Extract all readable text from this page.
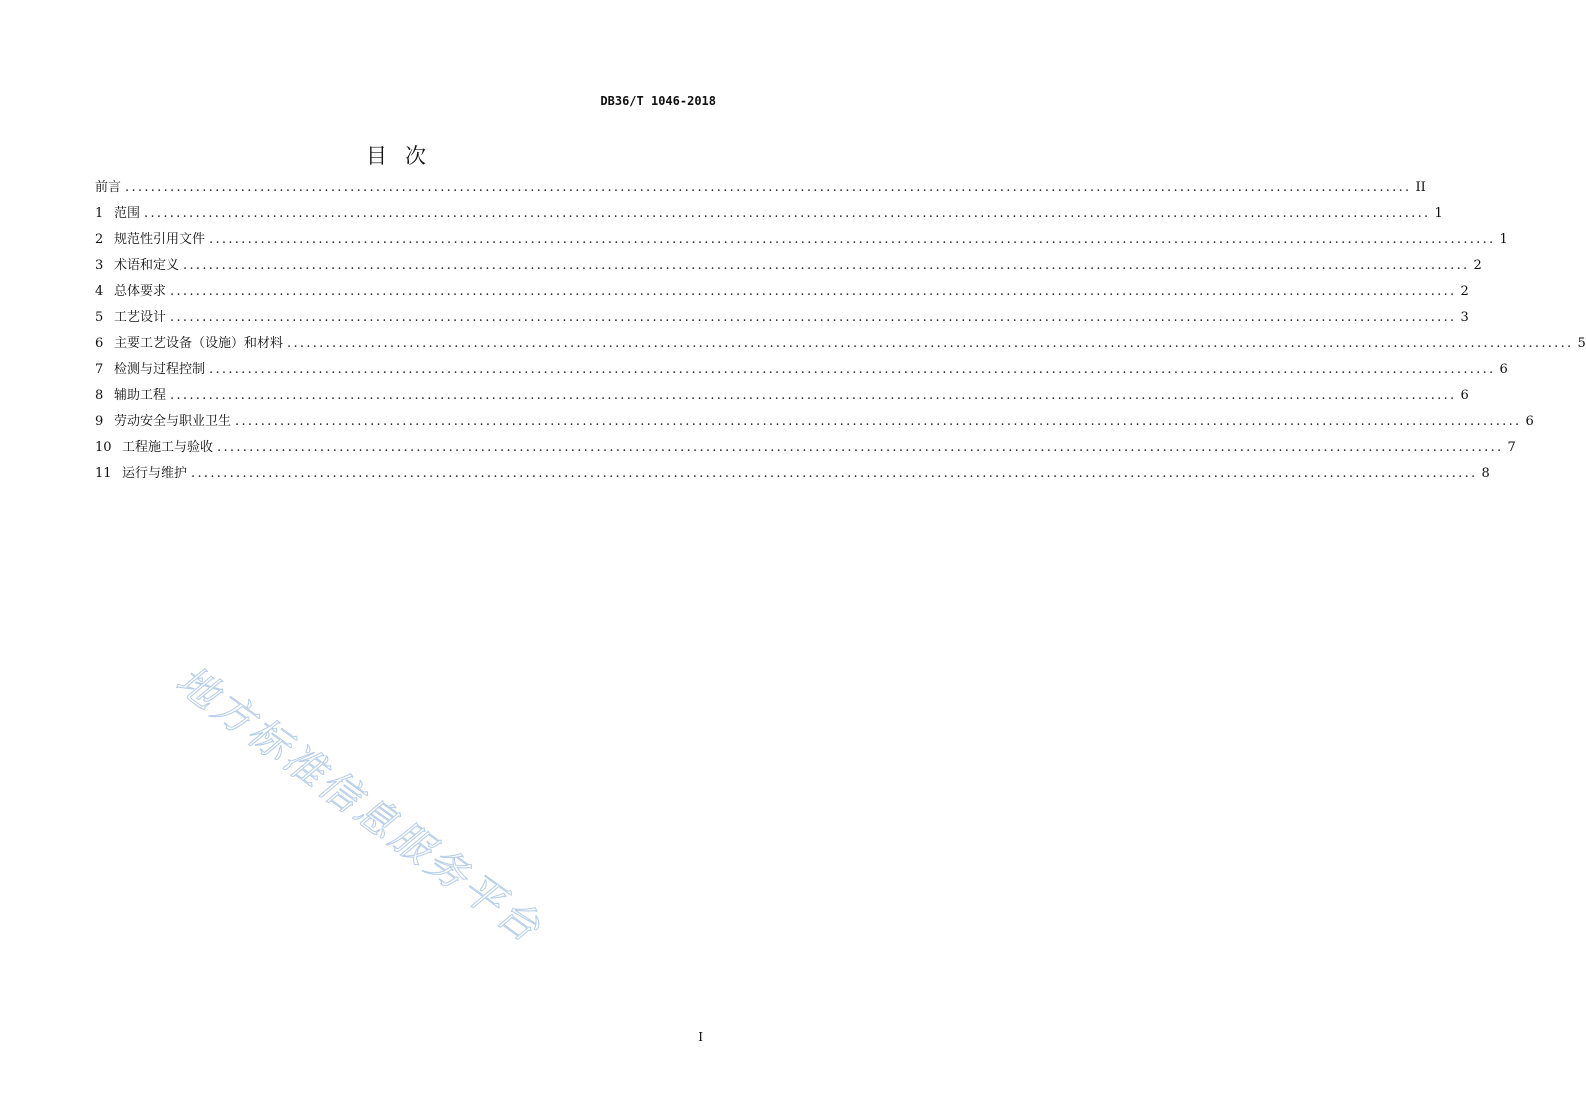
DB36/T 1046-2018
目次
前言 ........................................................................................................................................................................................................ II
1 范围 ........................................................................................................................................................................................................ 1
2 规范性引用文件 ........................................................................................................................................................................................................ 1
3 术语和定义 ........................................................................................................................................................................................................ 2
4 总体要求 ........................................................................................................................................................................................................ 2
5 工艺设计 ........................................................................................................................................................................................................ 3
6 主要工艺设备（设施）和材料 ........................................................................................................................................................................................................ 5
7 检测与过程控制 ........................................................................................................................................................................................................ 6
8 辅助工程 ........................................................................................................................................................................................................ 6
9 劳动安全与职业卫生 ........................................................................................................................................................................................................ 6
10 工程施工与验收 ........................................................................................................................................................................................................ 7
11 运行与维护 ........................................................................................................................................................................................................ 8
地方标准信息服务平台
I
